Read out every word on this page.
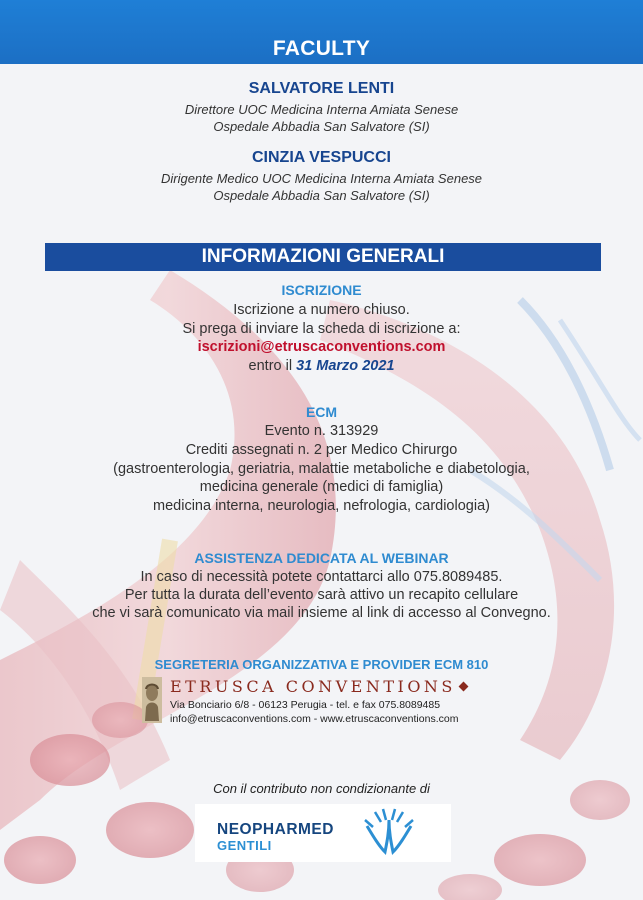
FACULTY
SALVATORE LENTI
Direttore UOC Medicina Interna Amiata Senese
Ospedale Abbadia San Salvatore (SI)
CINZIA VESPUCCI
Dirigente Medico UOC Medicina Interna Amiata Senese
Ospedale Abbadia San Salvatore (SI)
INFORMAZIONI GENERALI
ISCRIZIONE
Iscrizione a numero chiuso.
Si prega di inviare la scheda di iscrizione a:
iscrizioni@etruscaconventions.com
entro il 31 Marzo 2021
ECM
Evento n. 313929
Crediti assegnati n. 2 per Medico Chirurgo
(gastroenterologia, geriatria, malattie metaboliche e diabetologia,
medicina generale (medici di famiglia)
medicina interna, neurologia, nefrologia, cardiologia)
ASSISTENZA DEDICATA AL WEBINAR
In caso di necessità potete contattarci allo 075.8089485.
Per tutta la durata dell’evento sarà attivo un recapito cellulare
che vi sarà comunicato via mail insieme al link di accesso al Convegno.
SEGRETERIA ORGANIZZATIVA E PROVIDER ECM 810
ETRUSCA CONVENTIONS
Via Bonciario 6/8 - 06123 Perugia - tel. e fax 075.8089485
info@etruscaconventions.com - www.etruscaconventions.com
Con il contributo non condizionante di
NEOPHARMED
GENTILI
